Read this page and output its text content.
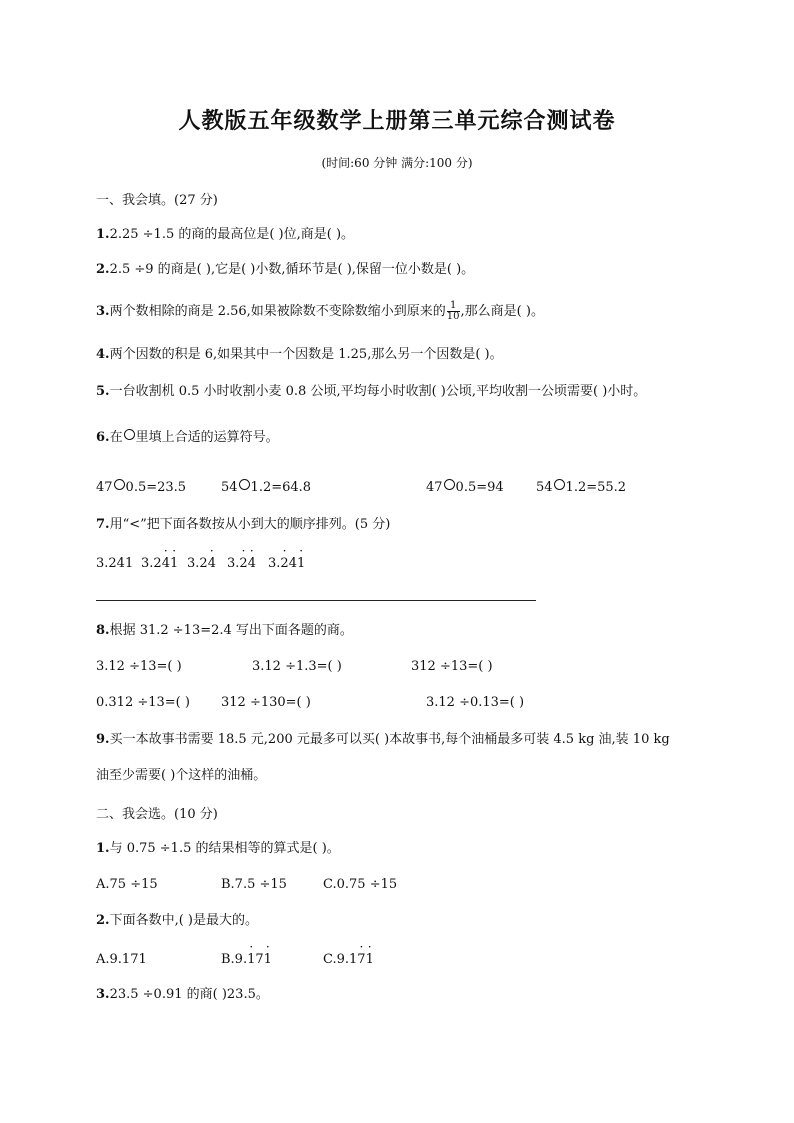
人教版五年级数学上册第三单元综合测试卷
(时间:60 分钟 满分:100 分)
一、我会填。(27 分)
1.2.25 ÷1.5 的商的最高位是( )位,商是( )。
2.2.5 ÷9 的商是( ),它是( )小数,循环节是( ),保留一位小数是( )。
3.两个数相除的商是 2.56,如果被除数不变除数缩小到原来的 $\frac{1}{10}$ ,那么商是( )。
4.两个因数的积是 6,如果其中一个因数是 1.25,那么另一个因数是( )。
5.一台收割机 0.5 小时收割小麦 0.8 公顷,平均每小时收割( )公顷,平均收割一公顷需要( )小时。
6.在 里填上合适的运算符号。
47 0.5=23.5	54 1.2=64.8	47 0.5=94 54 1.2=55.2
7.用“<”把下面各数按从小到大的顺序排列。(5 分)
3.241 3.24 ·1 · 3.24 · 3.2 ·4 · 3.2 ·41 ·
8.根据 31.2 ÷13=2.4 写出下面各题的商。
3.12 ÷13=( )	3.12 ÷1.3=( )	312 ÷13=( )
0.312 ÷13=( ) 312 ÷130=( )	3.12 ÷0.13=( )
9.买一本故事书需要 18.5 元,200 元最多可以买( )本故事书,每个油桶最多可装 4.5 kg 油,装 10 kg
油至少需要( )个这样的油桶。
二、我会选。(10 分)
1.与 0.75 ÷1.5 的结果相等的算式是( )。
A.75 ÷15	B.7.5 ÷15	C.0.75 ÷15
2.下面各数中,( )是最大的。
A.9.171	B.9.1 ·71 ·	C.9.17 ·1 ·
3.23.5 ÷0.91 的商( )23.5。
